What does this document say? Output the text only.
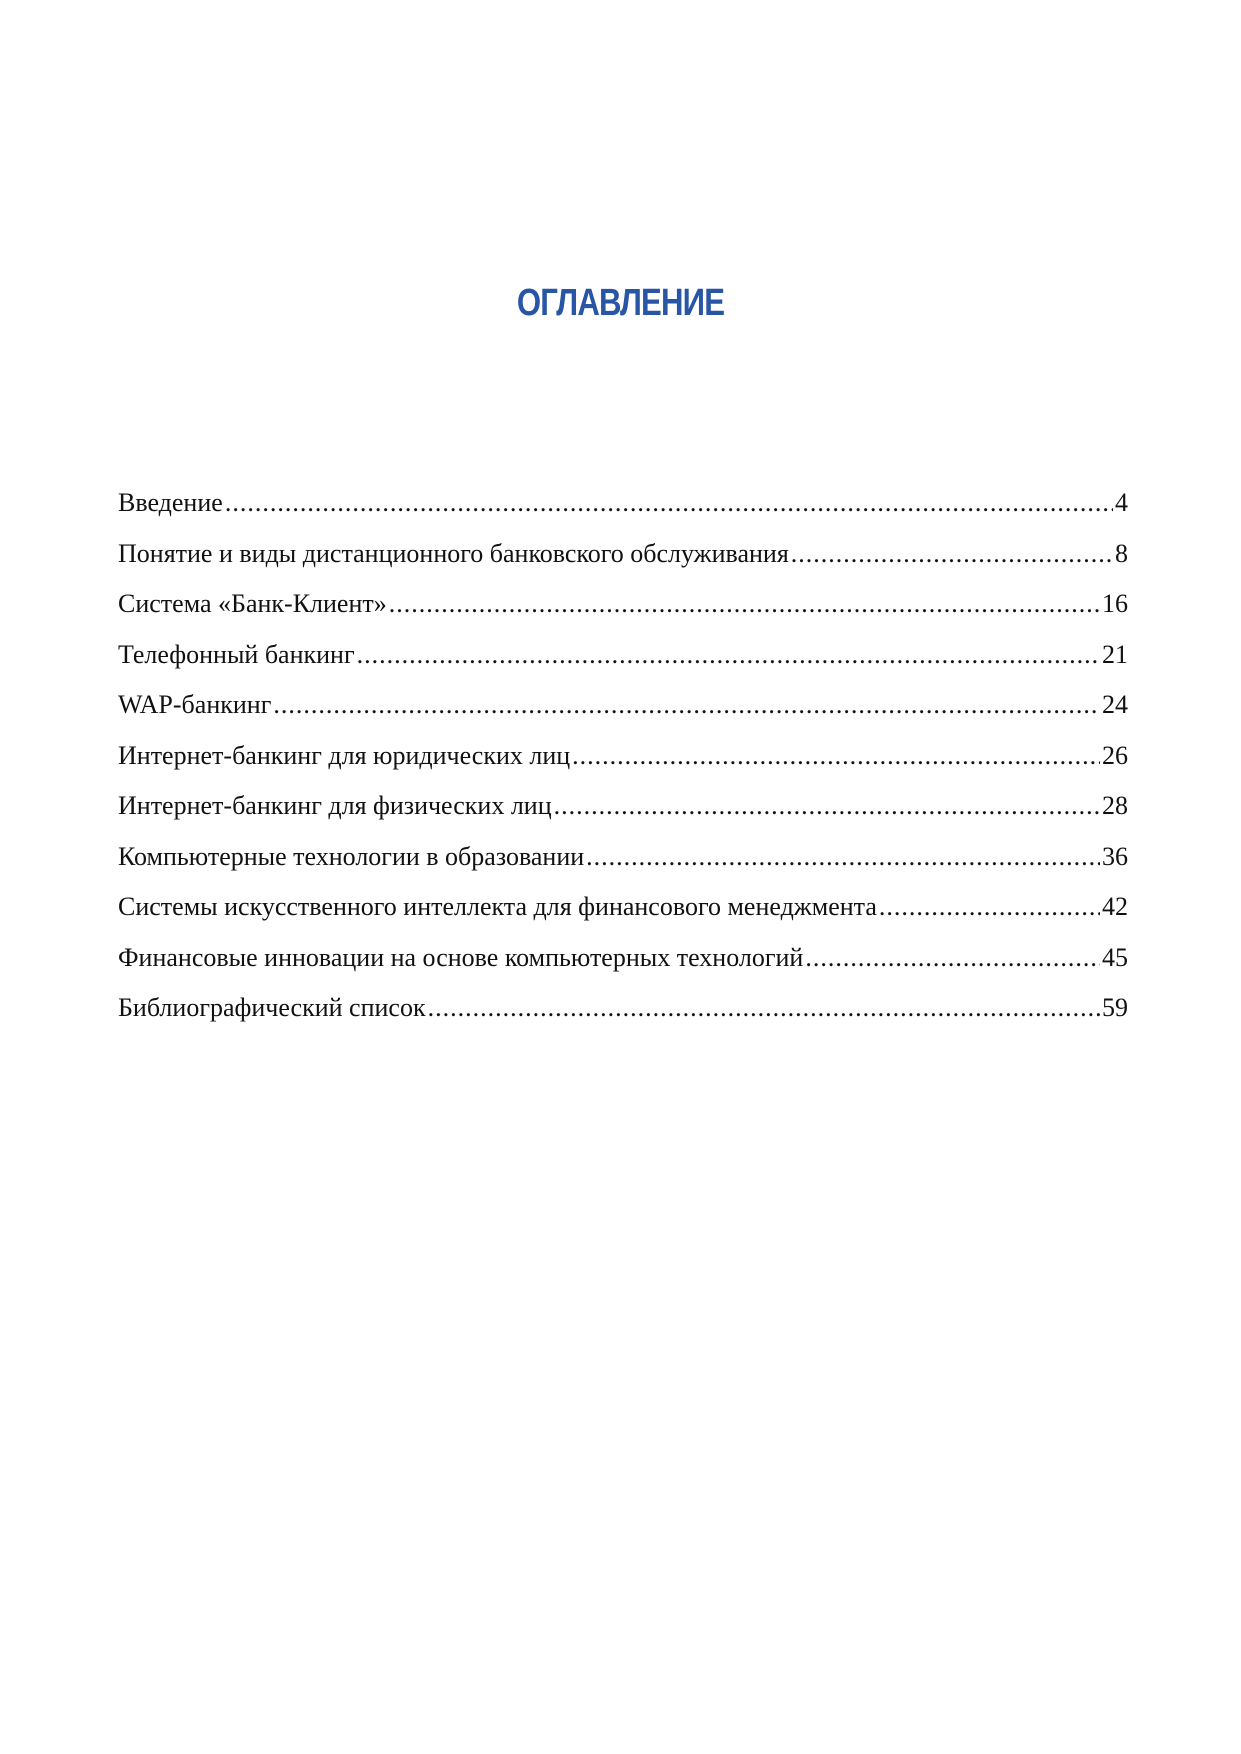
ОГЛАВЛЕНИЕ
Введение .....	4
Понятие и виды дистанционного банковского обслуживания .....	8
Система «Банк-Клиент» .....	16
Телефонный банкинг .....	21
WAP-банкинг .....	24
Интернет-банкинг для юридических лиц .....	26
Интернет-банкинг для физических лиц .....	28
Компьютерные технологии в образовании .....	36
Системы искусственного интеллекта для финансового менеджмента .....	42
Финансовые инновации на основе компьютерных технологий .....	45
Библиографический список .....	59
